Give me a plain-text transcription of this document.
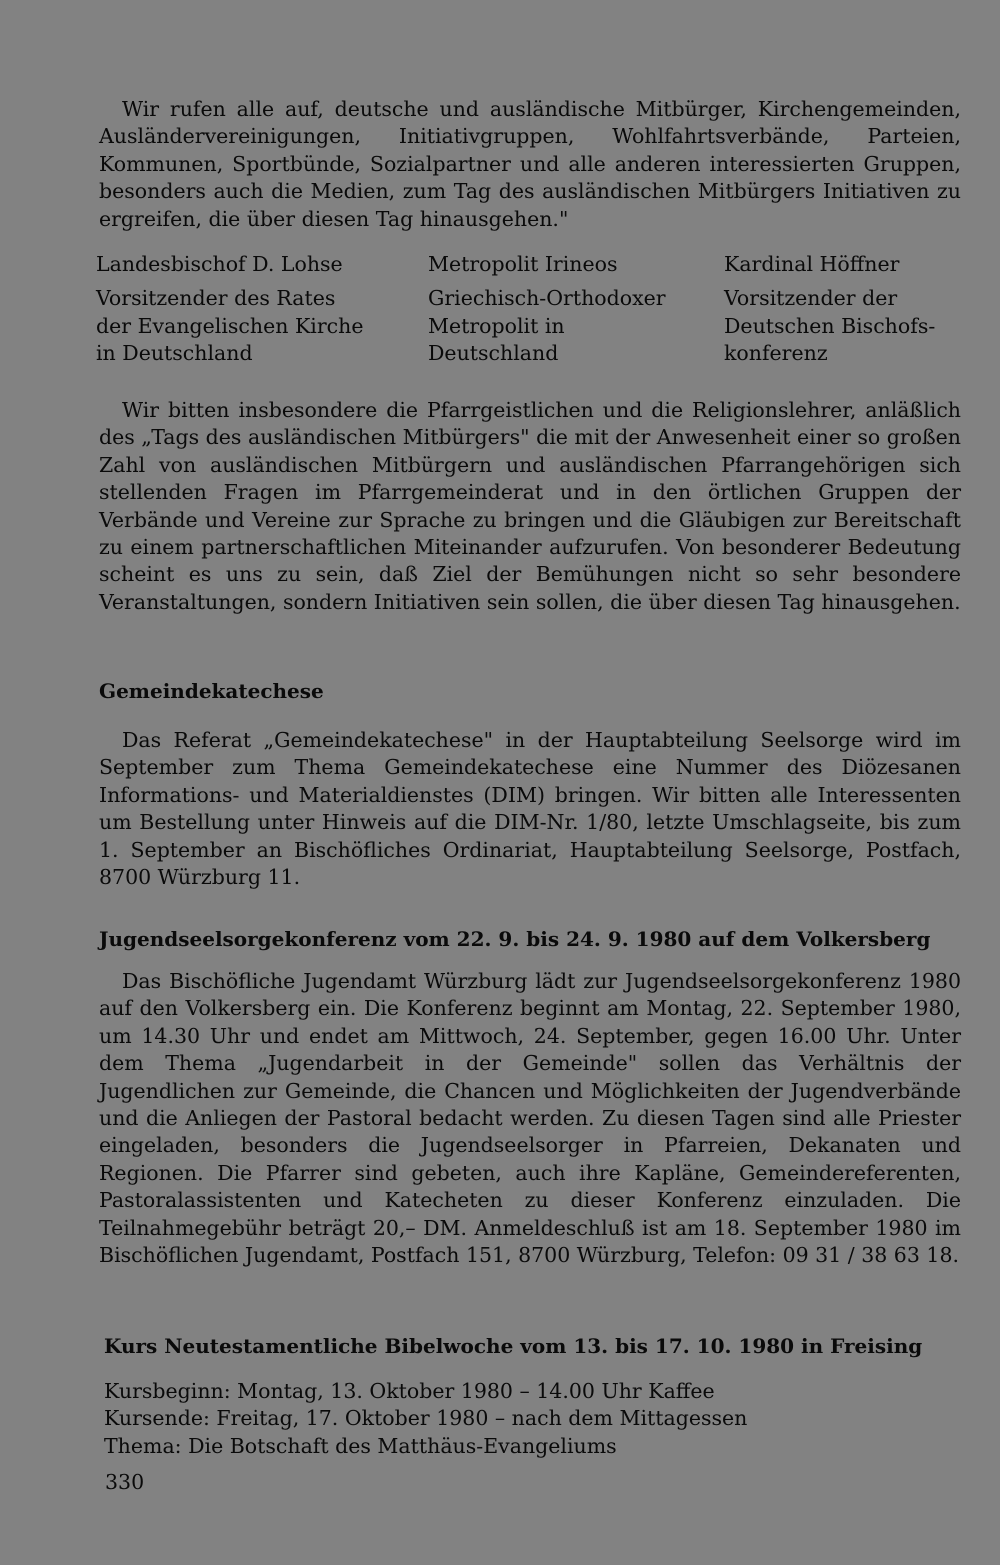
Wir rufen alle auf, deutsche und ausländische Mitbürger, Kirchengemeinden, Ausländervereinigungen, Initiativgruppen, Wohlfahrtsverbände, Parteien, Kommunen, Sportbünde, Sozialpartner und alle anderen interessierten Gruppen, besonders auch die Medien, zum Tag des ausländischen Mitbürgers Initiativen zu ergreifen, die über diesen Tag hinausgehen."

Landesbischof D. Lohse
Vorsitzender des Rates
der Evangelischen Kirche
in Deutschland
Metropolit Irineos
Griechisch-Orthodoxer
Metropolit in
Deutschland
Kardinal Höffner
Vorsitzender der
Deutschen Bischofs-
konferenz

Wir bitten insbesondere die Pfarrgeistlichen und die Religionslehrer, anläßlich des „Tags des ausländischen Mitbürgers" die mit der Anwesenheit einer so großen Zahl von ausländischen Mitbürgern und ausländischen Pfarrangehörigen sich stellenden Fragen im Pfarrgemeinderat und in den örtlichen Gruppen der Verbände und Vereine zur Sprache zu bringen und die Gläubigen zur Bereitschaft zu einem partnerschaftlichen Miteinander aufzurufen. Von besonderer Bedeutung scheint es uns zu sein, daß Ziel der Bemühungen nicht so sehr besondere Veranstaltungen, sondern Initiativen sein sollen, die über diesen Tag hinausgehen.

Gemeindekatechese

Das Referat „Gemeindekatechese" in der Hauptabteilung Seelsorge wird im September zum Thema Gemeindekatechese eine Nummer des Diözesanen Informations- und Materialdienstes (DIM) bringen. Wir bitten alle Interessenten um Bestellung unter Hinweis auf die DIM-Nr. 1/80, letzte Umschlagseite, bis zum 1. September an Bischöfliches Ordinariat, Hauptabteilung Seelsorge, Postfach, 8700 Würzburg 11.

Jugendseelsorgekonferenz vom 22. 9. bis 24. 9. 1980 auf dem Volkersberg

Das Bischöfliche Jugendamt Würzburg lädt zur Jugendseelsorgekonferenz 1980 auf den Volkersberg ein. Die Konferenz beginnt am Montag, 22. September 1980, um 14.30 Uhr und endet am Mittwoch, 24. September, gegen 16.00 Uhr. Unter dem Thema „Jugendarbeit in der Gemeinde" sollen das Verhältnis der Jugendlichen zur Gemeinde, die Chancen und Möglichkeiten der Jugendverbände und die Anliegen der Pastoral bedacht werden. Zu diesen Tagen sind alle Priester eingeladen, besonders die Jugendseelsorger in Pfarreien, Dekanaten und Regionen. Die Pfarrer sind gebeten, auch ihre Kapläne, Gemeindereferenten, Pastoralassistenten und Katecheten zu dieser Konferenz einzuladen. Die Teilnahmegebühr beträgt 20,– DM. Anmeldeschluß ist am 18. September 1980 im Bischöflichen Jugendamt, Postfach 151, 8700 Würzburg, Telefon: 09 31 / 38 63 18.

Kurs Neutestamentliche Bibelwoche vom 13. bis 17. 10. 1980 in Freising
Kursbeginn: Montag, 13. Oktober 1980 – 14.00 Uhr Kaffee
Kursende: Freitag, 17. Oktober 1980 – nach dem Mittagessen
Thema: Die Botschaft des Matthäus-Evangeliums
330
